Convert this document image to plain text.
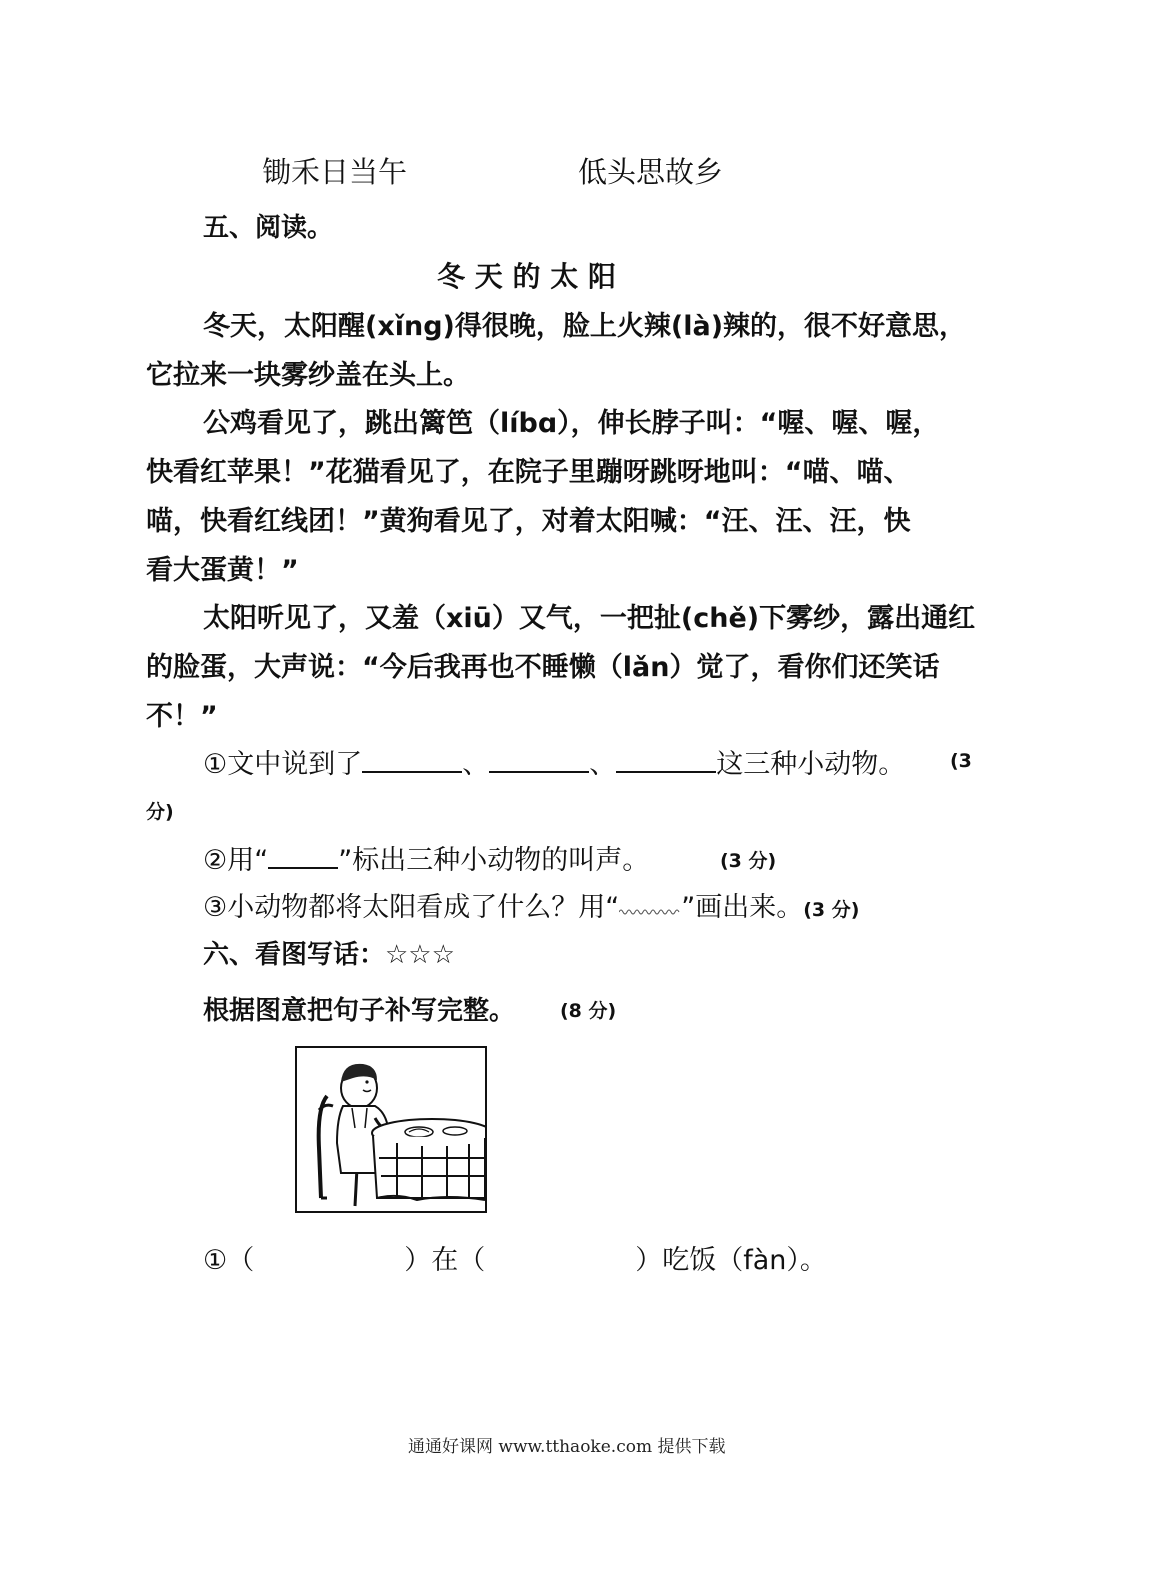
锄禾日当午	低头思故乡
五、阅读。
冬 天 的 太 阳
冬天，太阳醒(xǐng)得很晚，脸上火辣(là)辣的，很不好意思，
它拉来一块雾纱盖在头上。
公鸡看见了，跳出篱笆（líbɑ），伸长脖子叫：“喔、喔、喔，
快看红苹果！”花猫看见了，在院子里蹦呀跳呀地叫：“喵、喵、
喵，快看红线团！”黄狗看见了，对着太阳喊：“汪、汪、汪，快
看大蛋黄！”
太阳听见了，又羞（xiū）又气，一把扯(chě)下雾纱，露出通红
的脸蛋，大声说：“今后我再也不睡懒（lǎn）觉了，看你们还笑话
不！”
①文中说到了	、	、	这三种小动物。 (3
分)
②用“	”标出三种小动物的叫声。	(3 分)
③小动物都将太阳看成了什么？用“ ”画出来。(3 分)
六、看图写话：☆☆☆
根据图意把句子补写完整。 (8 分)
①（	）在（	）吃饭（fàn）。
通通好课网 www.tthaoke.com 提供下载
